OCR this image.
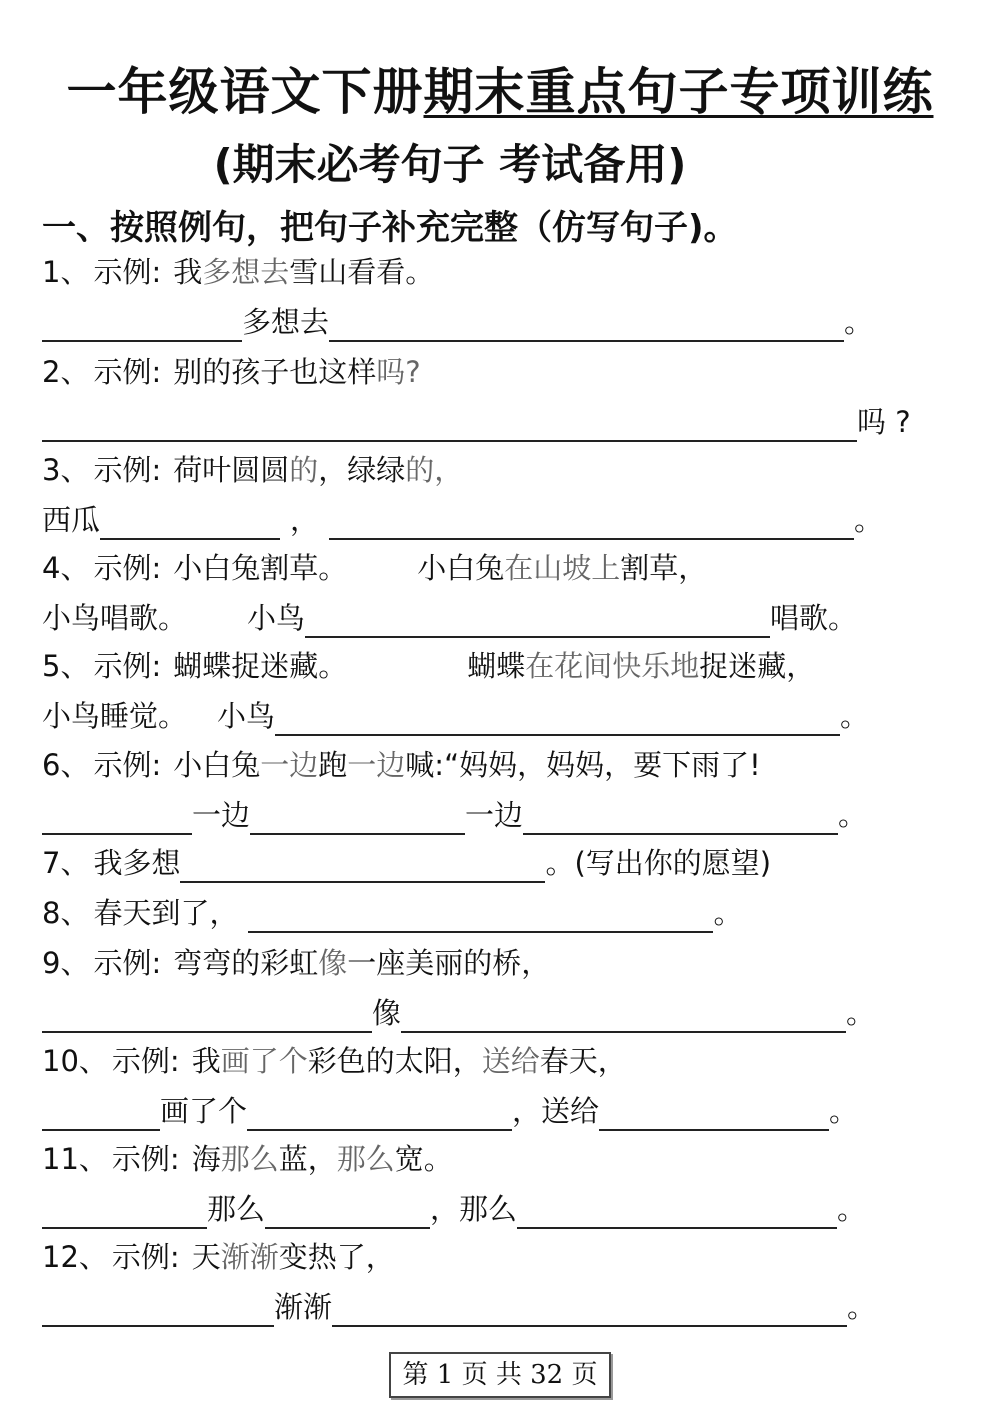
一年级语文下册期末重点句子专项训练
(期末必考句子 考试备用)
一、按照例句，把句子补充完整（仿写句子)。
1、 示例: 我 多想去 雪山看看。
多想去	。
2、 示例: 别的孩子也这样 吗?
吗 ?
3、 示例: 荷叶圆圆 的 ，绿绿 的，
西瓜	，	。
4、 示例: 小白兔割草。 小白兔 在山坡上 割草，
小鸟唱歌。 小鸟	唱歌。
5、 示例: 蝴蝶捉迷藏。	蝴蝶 在花间快乐地 捉迷藏，
小鸟睡觉。 小鸟	。
6、 示例: 小白兔 一边 跑 一边 喊:“妈妈，妈妈，要下雨了!
一边	一边	。
7、 我多想	。(写出你的愿望)
8、 春天到了，	。
9、 示例: 弯弯的彩虹 像 一座美丽的桥，
像	。
10、 示例: 我 画了个 彩色的太阳， 送给 春天，
画了个	，送给	。
11、 示例: 海 那么 蓝， 那么 宽。
那么	，那么	。
12、 示例: 天 渐渐 变热了，
渐渐	。
第 1 页 共 32 页
